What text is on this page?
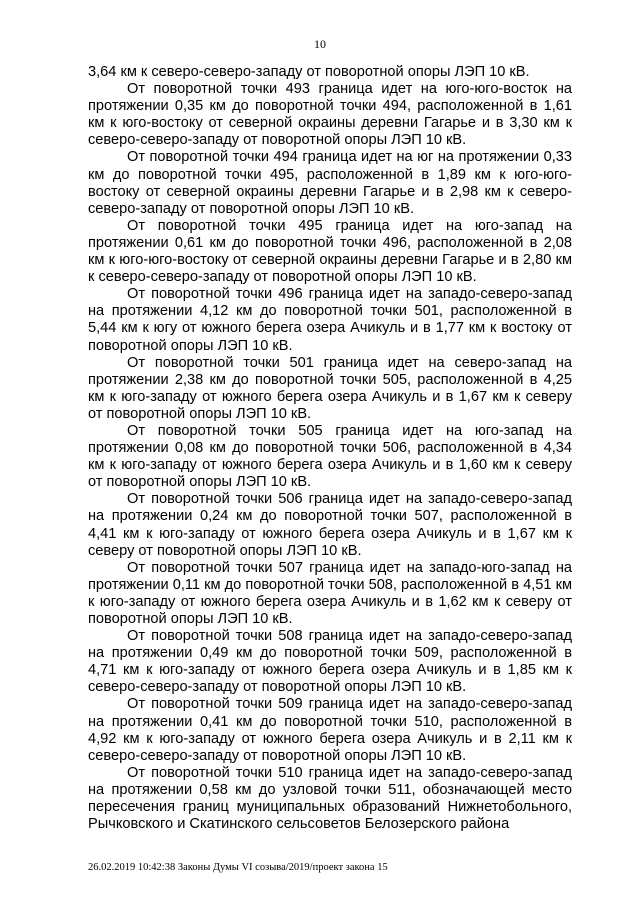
10

3,64 км к северо-северо-западу от поворотной опоры ЛЭП 10 кВ.

От поворотной точки 493 граница идет на юго-юго-восток на протяжении 0,35 км до поворотной точки 494, расположенной в 1,61 км к юго-востоку от северной окраины деревни Гагарье и в 3,30 км к северо-северо-западу от поворотной опоры ЛЭП 10 кВ.

От поворотной точки 494 граница идет на юг на протяжении 0,33 км до поворотной точки 495, расположенной в 1,89 км к юго-юго-востоку от северной окраины деревни Гагарье и в 2,98 км к северо-северо-западу от поворотной опоры ЛЭП 10 кВ.

От поворотной точки 495 граница идет на юго-запад на протяжении 0,61 км до поворотной точки 496, расположенной в 2,08 км к юго-юго-востоку от северной окраины деревни Гагарье и в 2,80 км к северо-северо-западу от поворотной опоры ЛЭП 10 кВ.

От поворотной точки 496 граница идет на западо-северо-запад на протяжении 4,12 км до поворотной точки 501, расположенной в 5,44 км к югу от южного берега озера Ачикуль и в 1,77 км к востоку от поворотной опоры ЛЭП 10 кВ.

От поворотной точки 501 граница идет на северо-запад на протяжении 2,38 км до поворотной точки 505, расположенной в 4,25 км к юго-западу от южного берега озера Ачикуль и в 1,67 км к северу от поворотной опоры ЛЭП 10 кВ.

От поворотной точки 505 граница идет на юго-запад на протяжении 0,08 км до поворотной точки 506, расположенной в 4,34 км к юго-западу от южного берега озера Ачикуль и в 1,60 км к северу от поворотной опоры ЛЭП 10 кВ.

От поворотной точки 506 граница идет на западо-северо-запад на протяжении 0,24 км до поворотной точки 507, расположенной в 4,41 км к юго-западу от южного берега озера Ачикуль и в 1,67 км к северу от поворотной опоры ЛЭП 10 кВ.

От поворотной точки 507 граница идет на западо-юго-запад на протяжении 0,11 км до поворотной точки 508, расположенной в 4,51 км к юго-западу от южного берега озера Ачикуль и в 1,62 км к северу от поворотной опоры ЛЭП 10 кВ.

От поворотной точки 508 граница идет на западо-северо-запад на протяжении 0,49 км до поворотной точки 509, расположенной в 4,71 км к юго-западу от южного берега озера Ачикуль и в 1,85 км к северо-северо-западу от поворотной опоры ЛЭП 10 кВ.

От поворотной точки 509 граница идет на западо-северо-запад на протяжении 0,41 км до поворотной точки 510, расположенной в 4,92 км к юго-западу от южного берега озера Ачикуль и в 2,11 км к северо-северо-западу от поворотной опоры ЛЭП 10 кВ.

От поворотной точки 510 граница идет на западо-северо-запад на протяжении 0,58 км до узловой точки 511, обозначающей место пересечения границ муниципальных образований Нижнетобольного, Рычковского и Скатинского сельсоветов Белозерского района

26.02.2019 10:42:38 Законы Думы VI созыва/2019/проект закона 15
